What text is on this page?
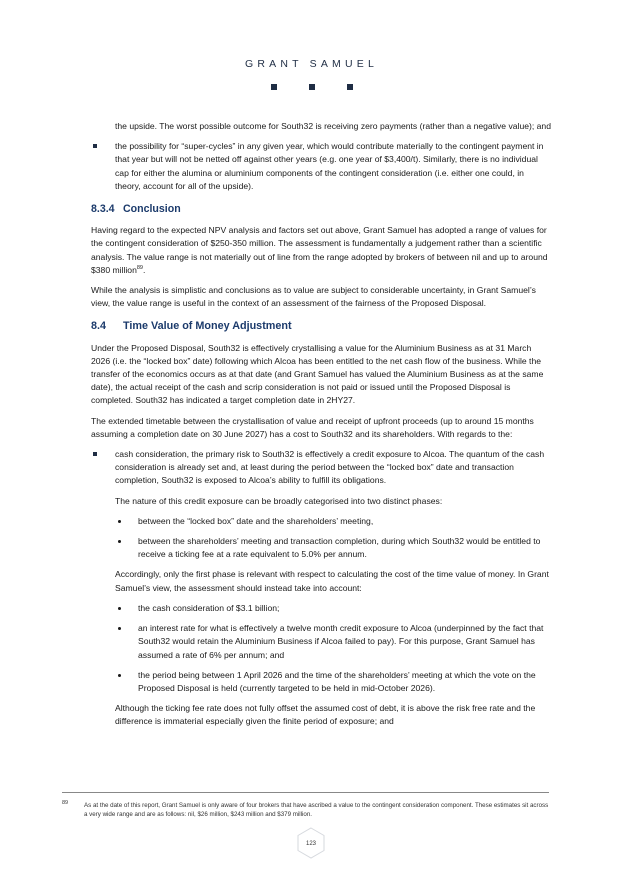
GRANT SAMUEL

the upside. The worst possible outcome for South32 is receiving zero payments (rather than a negative value); and

the possibility for “super-cycles” in any given year, which would contribute materially to the contingent payment in that year but will not be netted off against other years (e.g. one year of $3,400/t). Similarly, there is no individual cap for either the alumina or aluminium components of the contingent consideration (i.e. either one could, in theory, account for all of the upside).
8.3.4 Conclusion

Having regard to the expected NPV analysis and factors set out above, Grant Samuel has adopted a range of values for the contingent consideration of $250-350 million. The assessment is fundamentally a judgement rather than a scientific analysis. The value range is not materially out of line from the range adopted by brokers of between nil and up to around $380 million$^{89}$.

While the analysis is simplistic and conclusions as to value are subject to considerable uncertainty, in Grant Samuel’s view, the value range is useful in the context of an assessment of the fairness of the Proposed Disposal.

8.4 Time Value of Money Adjustment

Under the Proposed Disposal, South32 is effectively crystallising a value for the Aluminium Business as at 31 March 2026 (i.e. the “locked box” date) following which Alcoa has been entitled to the net cash flow of the business. While the transfer of the economics occurs as at that date (and Grant Samuel has valued the Aluminium Business as at the same date), the actual receipt of the cash and scrip consideration is not paid or issued until the Proposed Disposal is completed. South32 has indicated a target completion date in 2HY27.

The extended timetable between the crystallisation of value and receipt of upfront proceeds (up to around 15 months assuming a completion date on 30 June 2027) has a cost to South32 and its shareholders. With regards to the:

cash consideration, the primary risk to South32 is effectively a credit exposure to Alcoa. The quantum of the cash consideration is already set and, at least during the period between the “locked box” date and transaction completion, South32 is exposed to Alcoa’s ability to fulfill its obligations.

The nature of this credit exposure can be broadly categorised into two distinct phases:

between the “locked box” date and the shareholders’ meeting,
between the shareholders’ meeting and transaction completion, during which South32 would be entitled to receive a ticking fee at a rate equivalent to 5.0% per annum.

Accordingly, only the first phase is relevant with respect to calculating the cost of the time value of money. In Grant Samuel’s view, the assessment should instead take into account:

the cash consideration of $3.1 billion;
an interest rate for what is effectively a twelve month credit exposure to Alcoa (underpinned by the fact that South32 would retain the Aluminium Business if Alcoa failed to pay). For this purpose, Grant Samuel has assumed a rate of 6% per annum; and
the period being between 1 April 2026 and the time of the shareholders’ meeting at which the vote on the Proposed Disposal is held (currently targeted to be held in mid-October 2026).

Although the ticking fee rate does not fully offset the assumed cost of debt, it is above the risk free rate and the difference is immaterial especially given the finite period of exposure; and

89	As at the date of this report, Grant Samuel is only aware of four brokers that have ascribed a value to the contingent consideration component. These estimates sit across a very wide range and are as follows: nil, $26 million, $243 million and $379 million.
123
